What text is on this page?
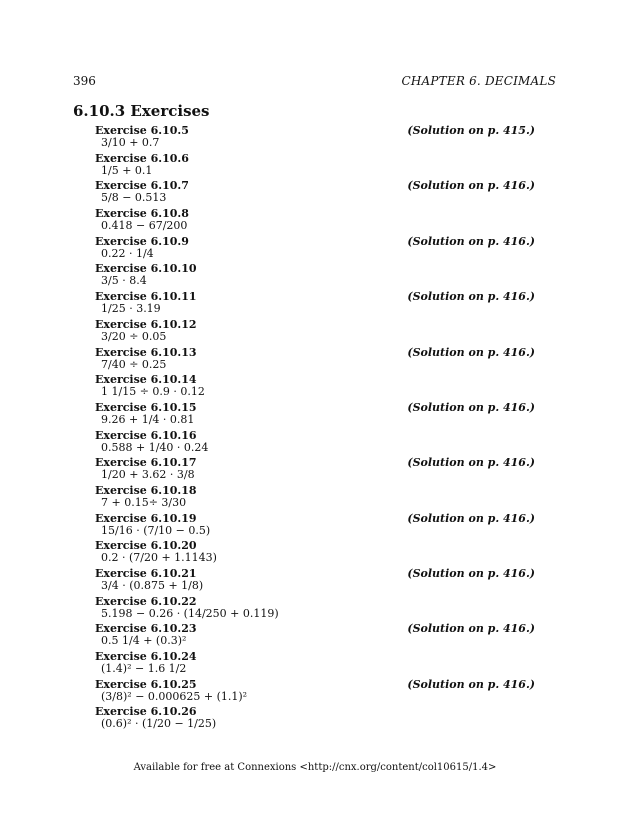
396	CHAPTER 6. DECIMALS
6.10.3 Exercises
Exercise 6.10.5	(Solution on p. 415.)
3/10 + 0.7
Exercise 6.10.6
1/5 + 0.1
Exercise 6.10.7	(Solution on p. 416.)
5/8 − 0.513
Exercise 6.10.8
0.418 − 67/200
Exercise 6.10.9	(Solution on p. 416.)
0.22 · 1/4
Exercise 6.10.10
3/5 · 8.4
Exercise 6.10.11	(Solution on p. 416.)
1/25 · 3.19
Exercise 6.10.12
3/20 ÷ 0.05
Exercise 6.10.13	(Solution on p. 416.)
7/40 ÷ 0.25
Exercise 6.10.14
1 1/15 ÷ 0.9 · 0.12
Exercise 6.10.15	(Solution on p. 416.)
9.26 + 1/4 · 0.81
Exercise 6.10.16
0.588 + 1/40 · 0.24
Exercise 6.10.17	(Solution on p. 416.)
1/20 + 3.62 · 3/8
Exercise 6.10.18
7 + 0.15÷ 3/30
Exercise 6.10.19	(Solution on p. 416.)
15/16 · (7/10 − 0.5)
Exercise 6.10.20
0.2 · (7/20 + 1.1143)
Exercise 6.10.21	(Solution on p. 416.)
3/4 · (0.875 + 1/8)
Exercise 6.10.22
5.198 − 0.26 · (14/250 + 0.119)
Exercise 6.10.23	(Solution on p. 416.)
0.5 1/4 + (0.3)²
Exercise 6.10.24
(1.4)² − 1.6 1/2
Exercise 6.10.25	(Solution on p. 416.)
(3/8)² − 0.000625 + (1.1)²
Exercise 6.10.26
(0.6)² · (1/20 − 1/25)
Available for free at Connexions <http://cnx.org/content/col10615/1.4>
